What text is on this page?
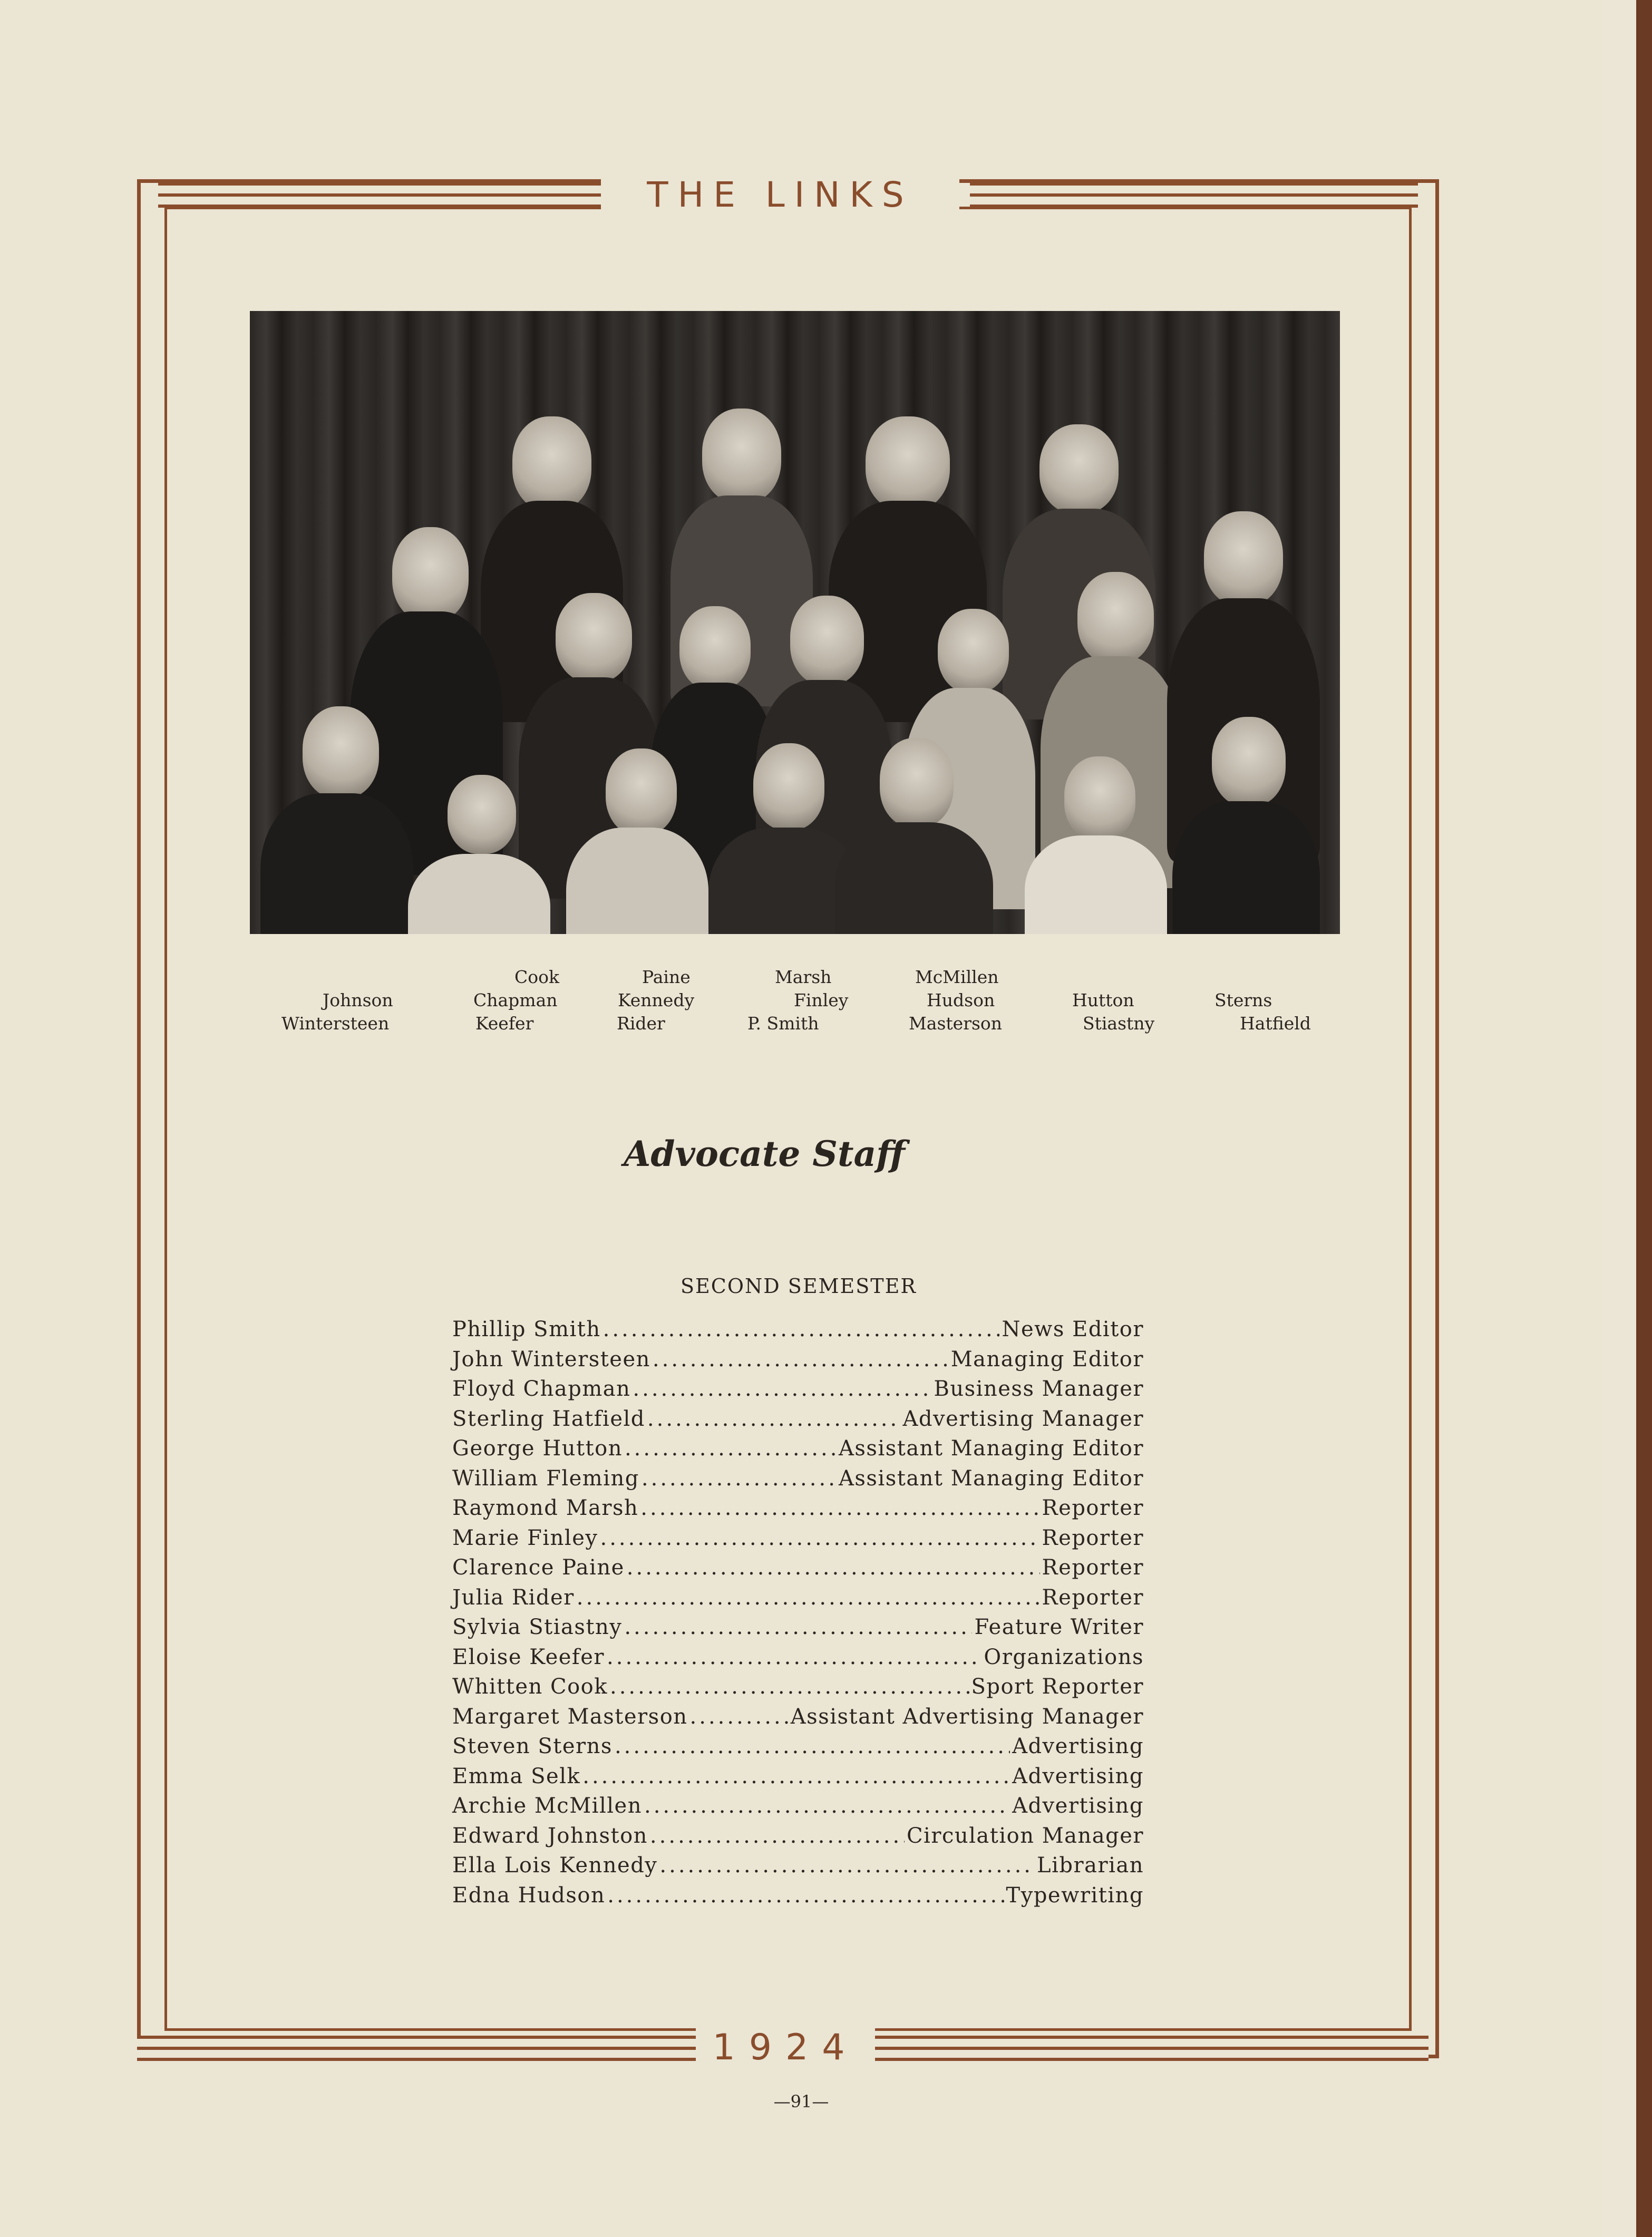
THE LINKS
Johnson
Wintersteen
Cook
Chapman
Keefer
Paine
Kennedy
Rider
Marsh
Finley
P. Smith
McMillen
Hudson
Masterson
Hutton
Stiastny
Sterns
Hatfield
Advocate Staff
SECOND SEMESTER
Phillip Smith .....	News Editor
John Wintersteen .....	Managing Editor
Floyd Chapman .....	Business Manager
Sterling Hatfield .....	Advertising Manager
George Hutton .....	Assistant Managing Editor
William Fleming .....	Assistant Managing Editor
Raymond Marsh .....	Reporter
Marie Finley .....	Reporter
Clarence Paine .....	Reporter
Julia Rider .....	Reporter
Sylvia Stiastny .....	Feature Writer
Eloise Keefer .....	Organizations
Whitten Cook .....	Sport Reporter
Margaret Masterson .....	Assistant Advertising Manager
Steven Sterns .....	Advertising
Emma Selk .....	Advertising
Archie McMillen .....	Advertising
Edward Johnston .....	Circulation Manager
Ella Lois Kennedy .....	Librarian
Edna Hudson .....	Typewriting
1924
—91—
